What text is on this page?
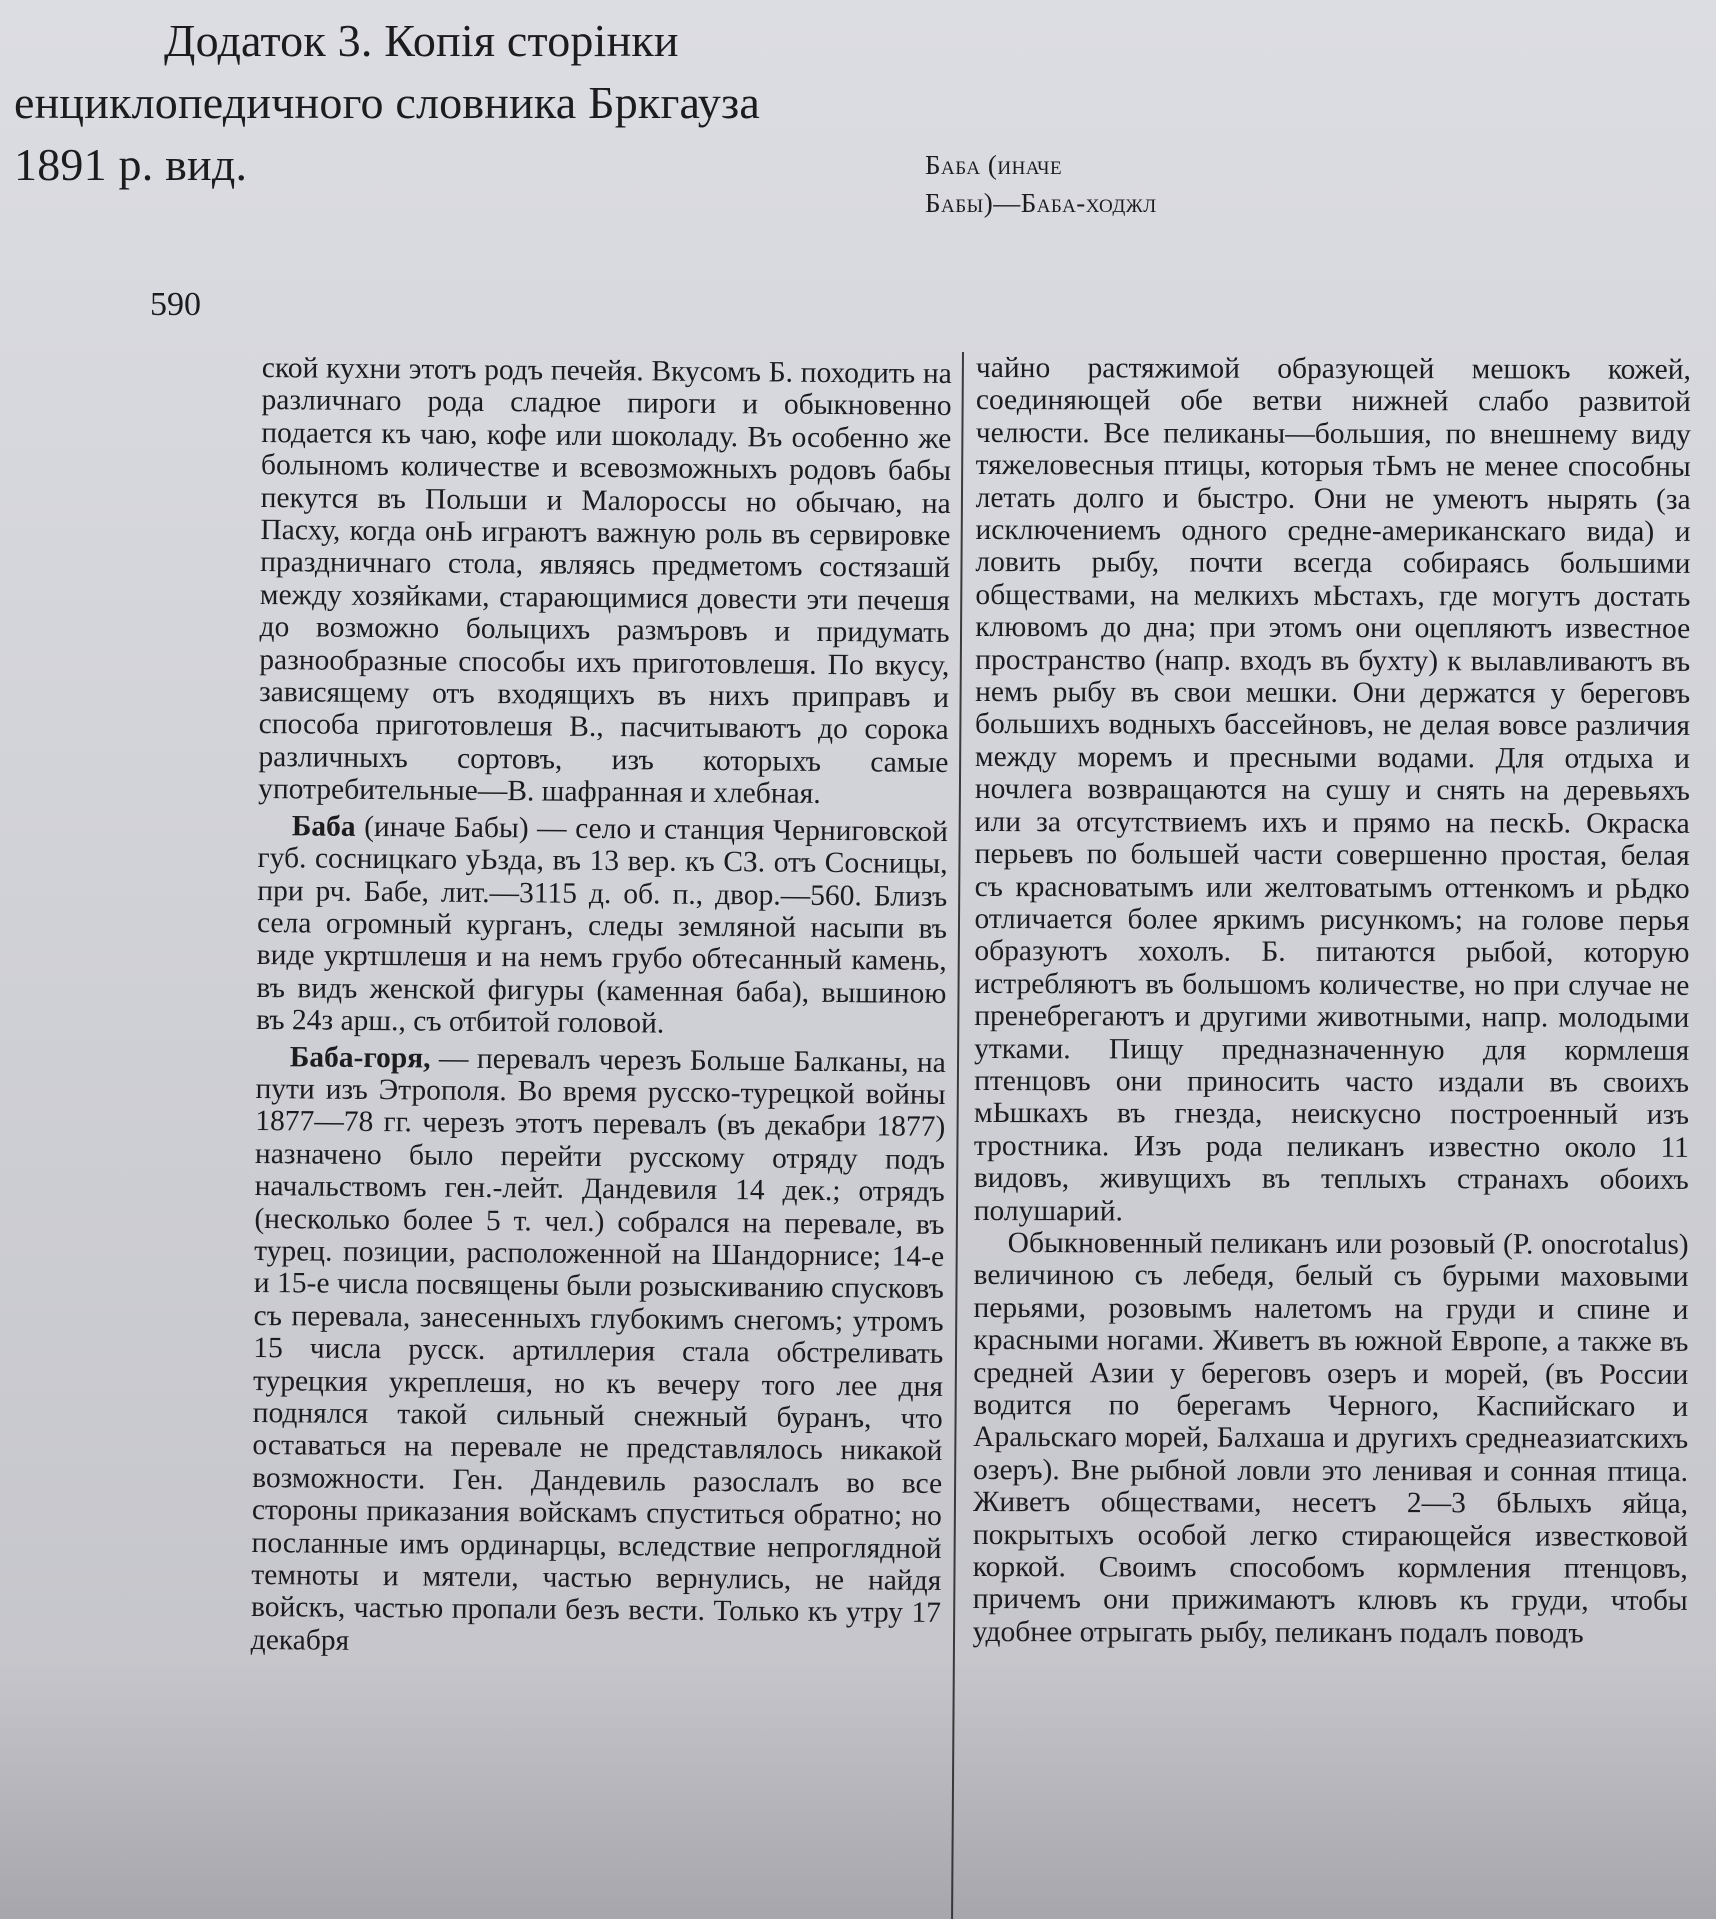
Додаток 3. Копія сторінки
енциклопедичного словника Бркгауза
1891 р. вид.	Баба (иначе
Бабы)—Баба-ходжл
590

ской кухни этотъ родъ печейя. Вкусомъ Б. походить на различнаго рода сладюе пироги и обыкновенно подается къ чаю, кофе или шоколаду. Въ особенно же болыномъ количестве и всевозможныхъ родовъ бабы пекутся въ Польши и Малороссы но обычаю, на Пасху, когда онЬ играютъ важную роль въ сервировке праздничнаго стола, являясь предметомъ состязашй между хозяйками, старающимися довести эти печешя до возможно болыцихъ размъровъ и придумать разнообразные способы ихъ приготовлешя. По вкусу, зависящему отъ входящихъ въ нихъ приправъ и способа приготовлешя В., пасчитываютъ до сорока различныхъ сортовъ, изъ которыхъ самые употребительные—В. шафранная и хлебная.

Баба (иначе Бабы) — село и станция Черниговской губ. сосницкаго уЬзда, въ 13 вер. къ СЗ. отъ Сосницы, при рч. Бабе, лит.—3115 д. об. п., двор.—560. Близъ села огромный курганъ, следы земляной насыпи въ виде укртшлешя и на немъ грубо обтесанный камень, въ видъ женской фигуры (каменная баба), вышиною въ 24з арш., съ отбитой головой.

Баба-горя, — перевалъ черезъ Больше Балканы, на пути изъ Этрополя. Во время русско-турецкой войны 1877—78 гг. черезъ этотъ перевалъ (въ декабри 1877) назначено было перейти русскому отряду подъ начальствомъ ген.-лейт. Дандевиля 14 дек.; отрядъ (несколько более 5 т. чел.) собрался на перевале, въ турец. позиции, расположенной на Шандорнисе; 14-е и 15-е числа посвящены были розыскиванию спусковъ съ перевала, занесенныхъ глубокимъ снегомъ; утромъ 15 числа русск. артиллерия стала обстреливать турецкия укреплешя, но къ вечеру того лее дня поднялся такой сильный снежный буранъ, что оставаться на перевале не представлялось никакой возможности. Ген. Дандевиль разослалъ во все стороны приказания войскамъ спуститься обратно; но посланные имъ ординарцы, вследствие непроглядной темноты и мятели, частью вернулись, не найдя войскъ, частью пропали безъ вести. Только къ утру 17 декабря

чайно растяжимой образующей мешокъ кожей, соединяющей обе ветви нижней слабо развитой челюсти. Все пеликаны—большия, по внешнему виду тяжеловесныя птицы, которыя тЬмъ не менее способны летать долго и быстро. Они не умеютъ нырять (за исключениемъ одного средне-американскаго вида) и ловить рыбу, почти всегда собираясь большими обществами, на мелкихъ мЬстахъ, где могутъ достать клювомъ до дна; при этомъ они оцепляютъ известное пространство (напр. входъ въ бухту) к вылавливаютъ въ немъ рыбу въ свои мешки. Они держатся у береговъ большихъ водныхъ бассейновъ, не делая вовсе различия между моремъ и пресными водами. Для отдыха и ночлега возвращаются на сушу и снять на деревьяхъ или за отсутствиемъ ихъ и прямо на пескЬ. Окраска перьевъ по большей части совершенно простая, белая съ красноватымъ или желтоватымъ оттенкомъ и рЬдко отличается более яркимъ рисункомъ; на голове перья образуютъ хохолъ. Б. питаются рыбой, которую истребляютъ въ большомъ количестве, но при случае не пренебрегаютъ и другими животными, напр. молодыми утками. Пищу предназначенную для кормлешя птенцовъ они приносить часто издали въ своихъ мЬшкахъ въ гнезда, неискусно построенный изъ тростника. Изъ рода пеликанъ известно около 11 видовъ, живущихъ въ теплыхъ странахъ обоихъ полушарий.

Обыкновенный пеликанъ или розовый (P. onocrotalus) величиною съ лебедя, белый съ бурыми маховыми перьями, розовымъ налетомъ на груди и спине и красными ногами. Живетъ въ южной Европе, а также въ средней Азии у береговъ озеръ и морей, (въ России водится по берегамъ Черного, Каспийскаго и Аральскаго морей, Балхаша и другихъ среднеазиатскихъ озеръ). Вне рыбной ловли это ленивая и сонная птица. Живетъ обществами, несетъ 2—3 бЬлыхъ яйца, покрытыхъ особой легко стирающейся известковой коркой. Своимъ способомъ кормления птенцовъ, причемъ они прижимаютъ клювъ къ груди, чтобы удобнее отрыгать рыбу, пеликанъ подалъ поводъ
